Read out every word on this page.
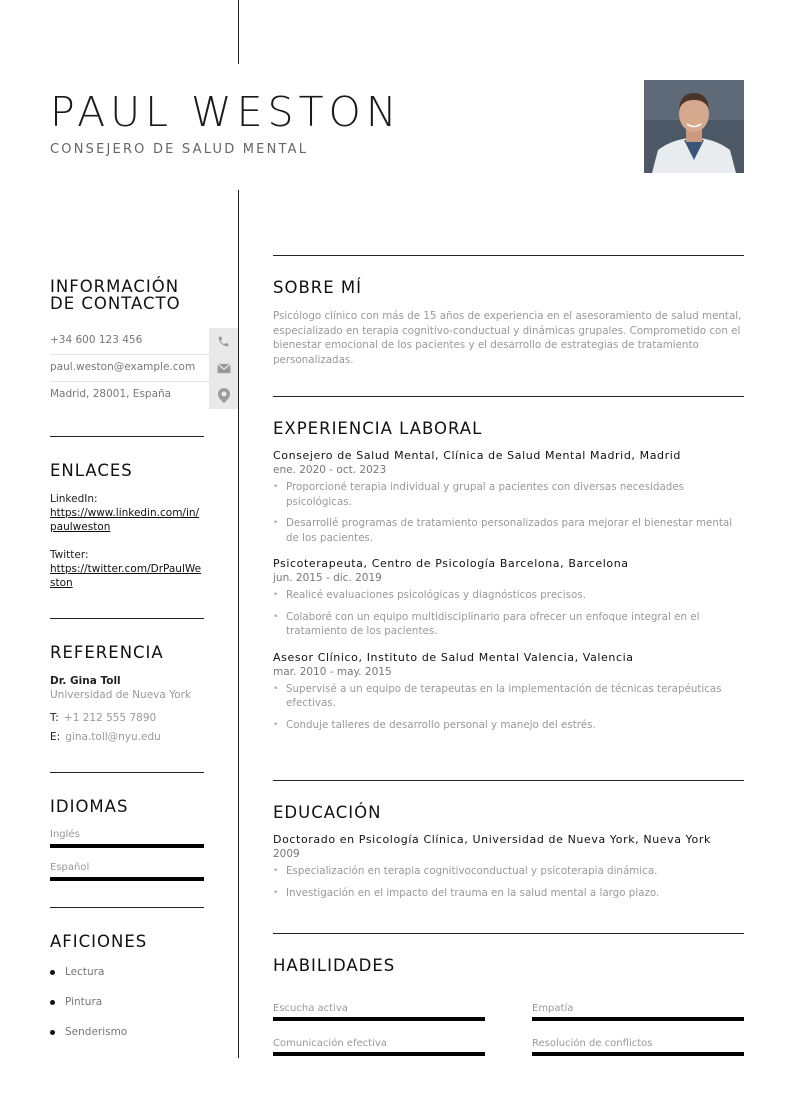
PAUL WESTON
CONSEJERO DE SALUD MENTAL
INFORMACIÓN DE CONTACTO
+34 600 123 456
paul.weston@example.com
Madrid, 28001, España
ENLACES
LinkedIn:
https://www.linkedin.com/in/paulweston
Twitter:
https://twitter.com/DrPaulWeston
REFERENCIA
Dr. Gina Toll
Universidad de Nueva York
T: +1 212 555 7890
E: gina.toll@nyu.edu
IDIOMAS
Inglés
Español
AFICIONES
Lectura
Pintura
Senderismo
SOBRE MÍ
Psicólogo clínico con más de 15 años de experiencia en el asesoramiento de salud mental, especializado en terapia cognitivo-conductual y dinámicas grupales. Comprometido con el bienestar emocional de los pacientes y el desarrollo de estrategias de tratamiento personalizadas.
EXPERIENCIA LABORAL
Consejero de Salud Mental, Clínica de Salud Mental Madrid, Madrid
ene. 2020 - oct. 2023
• Proporcioné terapia individual y grupal a pacientes con diversas necesidades psicológicas.
• Desarrollé programas de tratamiento personalizados para mejorar el bienestar mental de los pacientes.
Psicoterapeuta, Centro de Psicología Barcelona, Barcelona
jun. 2015 - dic. 2019
• Realicé evaluaciones psicológicas y diagnósticos precisos.
• Colaboré con un equipo multidisciplinario para ofrecer un enfoque integral en el tratamiento de los pacientes.
Asesor Clínico, Instituto de Salud Mental Valencia, Valencia
mar. 2010 - may. 2015
• Supervisé a un equipo de terapeutas en la implementación de técnicas terapéuticas efectivas.
• Conduje talleres de desarrollo personal y manejo del estrés.
EDUCACIÓN
Doctorado en Psicología Clínica, Universidad de Nueva York, Nueva York
2009
• Especialización en terapia cognitivoconductual y psicoterapia dinámica.
• Investigación en el impacto del trauma en la salud mental a largo plazo.
HABILIDADES
Escucha activa	Empatía
Comunicación efectiva	Resolución de conflictos
